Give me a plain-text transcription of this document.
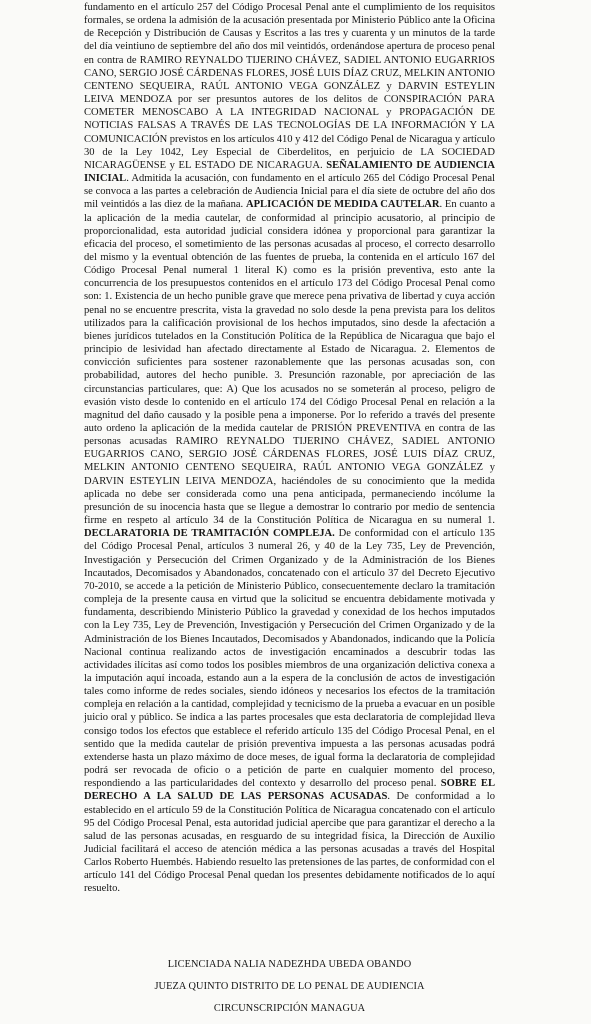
fundamento en el artículo 257 del Código Procesal Penal ante el cumplimiento de los requisitos formales, se ordena la admisión de la acusación presentada por Ministerio Público ante la Oficina de Recepción y Distribución de Causas y Escritos a las tres y cuarenta y un minutos de la tarde del día veintiuno de septiembre del año dos mil veintidós, ordenándose apertura de proceso penal en contra de RAMIRO REYNALDO TIJERINO CHÁVEZ, SADIEL ANTONIO EUGARRIOS CANO, SERGIO JOSÉ CÁRDENAS FLORES, JOSÉ LUIS DÍAZ CRUZ, MELKIN ANTONIO CENTENO SEQUEIRA, RAÚL ANTONIO VEGA GONZÁLEZ y DARVIN ESTEYLIN LEIVA MENDOZA por ser presuntos autores de los delitos de CONSPIRACIÓN PARA COMETER MENOSCABO A LA INTEGRIDAD NACIONAL y PROPAGACIÓN DE NOTICIAS FALSAS A TRAVÉS DE LAS TECNOLOGÍAS DE LA INFORMACIÓN Y LA COMUNICACIÓN previstos en los artículos 410 y 412 del Código Penal de Nicaragua y artículo 30 de la Ley 1042, Ley Especial de Ciberdelitos, en perjuicio de LA SOCIEDAD NICARAGÜENSE y EL ESTADO DE NICARAGUA. SEÑALAMIENTO DE AUDIENCIA INICIAL. Admitida la acusación, con fundamento en el artículo 265 del Código Procesal Penal se convoca a las partes a celebración de Audiencia Inicial para el día siete de octubre del año dos mil veintidós a las diez de la mañana. APLICACIÓN DE MEDIDA CAUTELAR. En cuanto a la aplicación de la media cautelar, de conformidad al principio acusatorio, al principio de proporcionalidad, esta autoridad judicial considera idónea y proporcional para garantizar la eficacia del proceso, el sometimiento de las personas acusadas al proceso, el correcto desarrollo del mismo y la eventual obtención de las fuentes de prueba, la contenida en el artículo 167 del Código Procesal Penal numeral 1 literal K) como es la prisión preventiva, esto ante la concurrencia de los presupuestos contenidos en el artículo 173 del Código Procesal Penal como son: 1. Existencia de un hecho punible grave que merece pena privativa de libertad y cuya acción penal no se encuentre prescrita, vista la gravedad no solo desde la pena prevista para los delitos utilizados para la calificación provisional de los hechos imputados, sino desde la afectación a bienes jurídicos tutelados en la Constitución Política de la República de Nicaragua que bajo el principio de lesividad han afectado directamente al Estado de Nicaragua. 2. Elementos de convicción suficientes para sostener razonablemente que las personas acusadas son, con probabilidad, autores del hecho punible. 3. Presunción razonable, por apreciación de las circunstancias particulares, que: A) Que los acusados no se someterán al proceso, peligro de evasión visto desde lo contenido en el artículo 174 del Código Procesal Penal en relación a la magnitud del daño causado y la posible pena a imponerse. Por lo referido a través del presente auto ordeno la aplicación de la medida cautelar de PRISIÓN PREVENTIVA en contra de las personas acusadas RAMIRO REYNALDO TIJERINO CHÁVEZ, SADIEL ANTONIO EUGARRIOS CANO, SERGIO JOSÉ CÁRDENAS FLORES, JOSÉ LUIS DÍAZ CRUZ, MELKIN ANTONIO CENTENO SEQUEIRA, RAÚL ANTONIO VEGA GONZÁLEZ y DARVIN ESTEYLIN LEIVA MENDOZA, haciéndoles de su conocimiento que la medida aplicada no debe ser considerada como una pena anticipada, permaneciendo incólume la presunción de su inocencia hasta que se llegue a demostrar lo contrario por medio de sentencia firme en respeto al artículo 34 de la Constitución Política de Nicaragua en su numeral 1. DECLARATORIA DE TRAMITACIÓN COMPLEJA. De conformidad con el artículo 135 del Código Procesal Penal, artículos 3 numeral 26, y 40 de la Ley 735, Ley de Prevención, Investigación y Persecución del Crimen Organizado y de la Administración de los Bienes Incautados, Decomisados y Abandonados, concatenado con el artículo 37 del Decreto Ejecutivo 70-2010, se accede a la petición de Ministerio Público, consecuentemente declaro la tramitación compleja de la presente causa en virtud que la solicitud se encuentra debidamente motivada y fundamenta, describiendo Ministerio Público la gravedad y conexidad de los hechos imputados con la Ley 735, Ley de Prevención, Investigación y Persecución del Crimen Organizado y de la Administración de los Bienes Incautados, Decomisados y Abandonados, indicando que la Policía Nacional continua realizando actos de investigación encaminados a descubrir todas las actividades ilícitas así como todos los posibles miembros de una organización delictiva conexa a la imputación aquí incoada, estando aun a la espera de la conclusión de actos de investigación tales como informe de redes sociales, siendo idóneos y necesarios los efectos de la tramitación compleja en relación a la cantidad, complejidad y tecnicismo de la prueba a evacuar en un posible juicio oral y público. Se indica a las partes procesales que esta declaratoria de complejidad lleva consigo todos los efectos que establece el referido artículo 135 del Código Procesal Penal, en el sentido que la medida cautelar de prisión preventiva impuesta a las personas acusadas podrá extenderse hasta un plazo máximo de doce meses, de igual forma la declaratoria de complejidad podrá ser revocada de oficio o a petición de parte en cualquier momento del proceso, respondiendo a las particularidades del contexto y desarrollo del proceso penal. SOBRE EL DERECHO A LA SALUD DE LAS PERSONAS ACUSADAS. De conformidad a lo establecido en el artículo 59 de la Constitución Política de Nicaragua concatenado con el artículo 95 del Código Procesal Penal, esta autoridad judicial apercibe que para garantizar el derecho a la salud de las personas acusadas, en resguardo de su integridad física, la Dirección de Auxilio Judicial facilitará el acceso de atención médica a las personas acusadas a través del Hospital Carlos Roberto Huembés. Habiendo resuelto las pretensiones de las partes, de conformidad con el artículo 141 del Código Procesal Penal quedan los presentes debidamente notificados de lo aquí resuelto.
LICENCIADA NALIA NADEZHDA UBEDA OBANDO
JUEZA QUINTO DISTRITO DE LO PENAL DE AUDIENCIA
CIRCUNSCRIPCIÓN MANAGUA
